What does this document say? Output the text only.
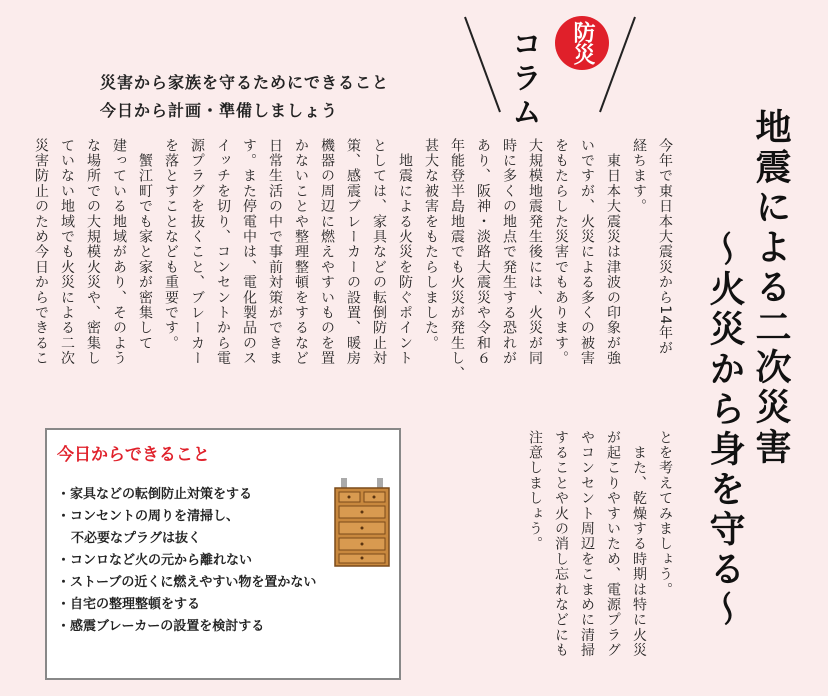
地震による二次災害
～火災から身を守る～
防災
コラム
災害から家族を守るためにできること
今日から計画・準備しましょう

今年で東日本大震災から14年が

経ちます。

　東日本大震災は津波の印象が強

いですが、火災による多くの被害

をもたらした災害でもあります。

大規模地震発生後には、火災が同

時に多くの地点で発生する恐れが

あり、阪神・淡路大震災や令和６

年能登半島地震でも火災が発生し、

甚大な被害をもたらしました。

　地震による火災を防ぐポイント

としては、家具などの転倒防止対

策、感震ブレーカーの設置、暖房

機器の周辺に燃えやすいものを置

かないことや整理整頓をするなど

日常生活の中で事前対策ができま

す。また停電中は、電化製品のス

イッチを切り、コンセントから電

源プラグを抜くこと、ブレーカー

を落とすことなども重要です。

　蟹江町でも家と家が密集して

建っている地域があり、そのよう

な場所での大規模火災や、密集し

ていない地域でも火災による二次

災害防止のため今日からできるこ

とを考えてみましょう。

　また、乾燥する時期は特に火災

が起こりやすいため、電源プラグ

やコンセント周辺をこまめに清掃

することや火の消し忘れなどにも

注意しましょう。

今日からできること
・家具などの転倒防止対策をする
・コンセントの周りを清掃し、
不必要なプラグは抜く
・コンロなど火の元から離れない
・ストーブの近くに燃えやすい物を置かない
・自宅の整理整頓をする
・感震ブレーカーの設置を検討する
